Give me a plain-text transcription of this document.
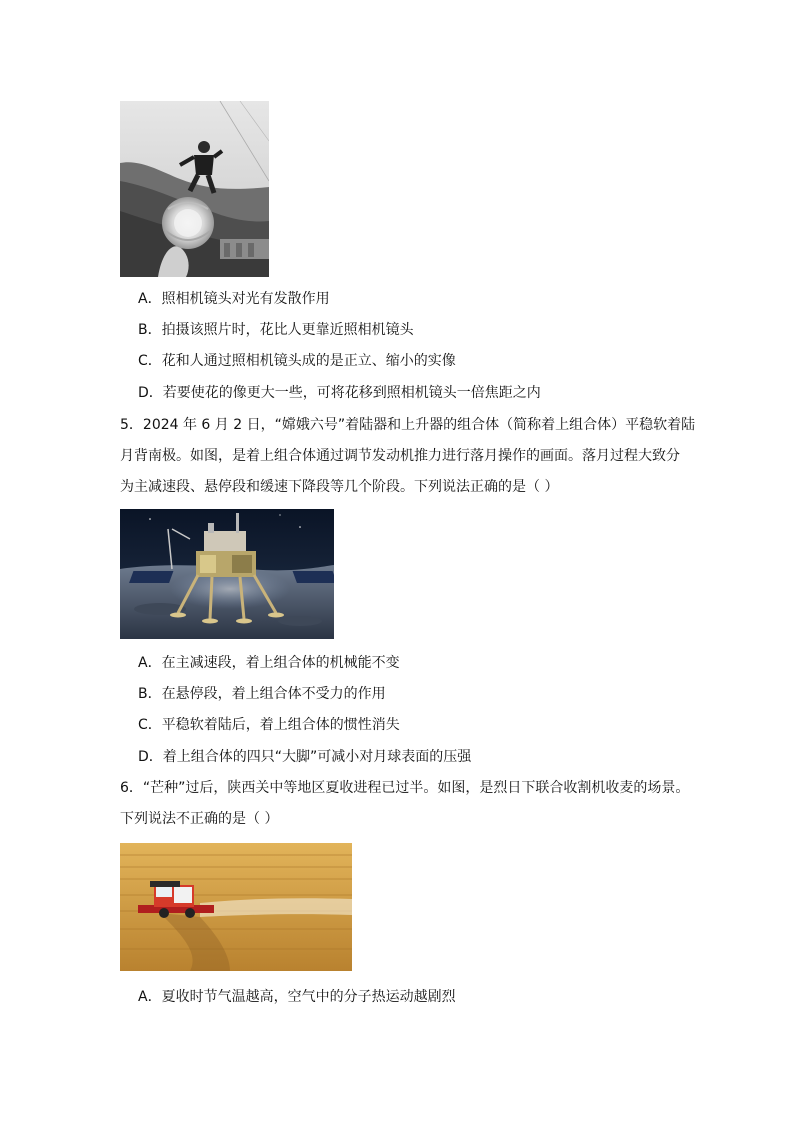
A．照相机镜头对光有发散作用
B．拍摄该照片时，花比人更靠近照相机镜头
C．花和人通过照相机镜头成的是正立、缩小的实像
D．若要使花的像更大一些，可将花移到照相机镜头一倍焦距之内
5．2024 年 6 月 2 日，“嫦娥六号”着陆器和上升器的组合体（简称着上组合体）平稳软着陆
月背南极。如图，是着上组合体通过调节发动机推力进行落月操作的画面。落月过程大致分
为主减速段、悬停段和缓速下降段等几个阶段。下列说法正确的是（ ）
A．在主减速段，着上组合体的机械能不变
B．在悬停段，着上组合体不受力的作用
C．平稳软着陆后，着上组合体的惯性消失
D．着上组合体的四只“大脚”可减小对月球表面的压强
6．“芒种”过后，陕西关中等地区夏收进程已过半。如图，是烈日下联合收割机收麦的场景。
下列说法不正确的是（ ）
A．夏收时节气温越高，空气中的分子热运动越剧烈
